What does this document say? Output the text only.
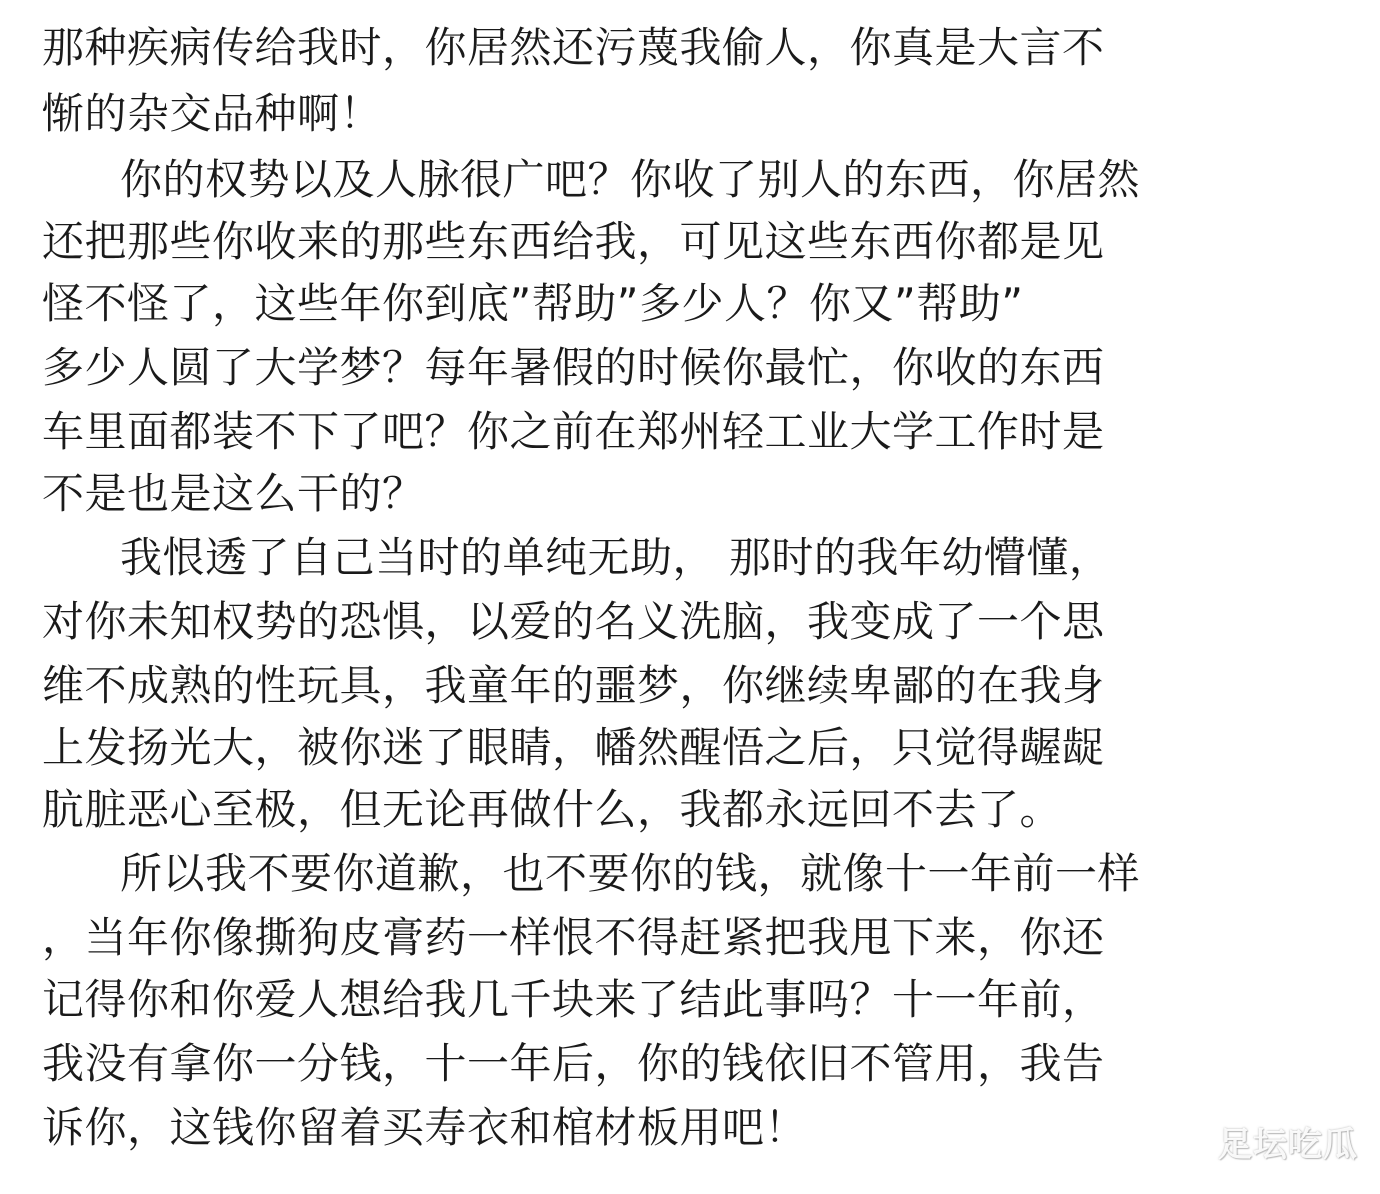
那种疾病传给我时，你居然还污蔑我偷人，你真是大言不
惭的杂交品种啊！
你的权势以及人脉很广吧？你收了别人的东西，你居然
还把那些你收来的那些东西给我，可见这些东西你都是见
怪不怪了，这些年你到底”帮助”多少人？你又”帮助”
多少人圆了大学梦？每年暑假的时候你最忙，你收的东西
车里面都装不下了吧？你之前在郑州轻工业大学工作时是
不是也是这么干的？
我恨透了自己当时的单纯无助， 那时的我年幼懵懂，
对你未知权势的恐惧，以爱的名义洗脑，我变成了一个思
维不成熟的性玩具，我童年的噩梦，你继续卑鄙的在我身
上发扬光大，被你迷了眼睛，幡然醒悟之后，只觉得龌龊
肮脏恶心至极，但无论再做什么，我都永远回不去了。
所以我不要你道歉，也不要你的钱，就像十一年前一样
，当年你像撕狗皮膏药一样恨不得赶紧把我甩下来，你还
记得你和你爱人想给我几千块来了结此事吗？十一年前，
我没有拿你一分钱，十一年后，你的钱依旧不管用，我告
诉你，这钱你留着买寿衣和棺材板用吧！	足坛吃瓜
